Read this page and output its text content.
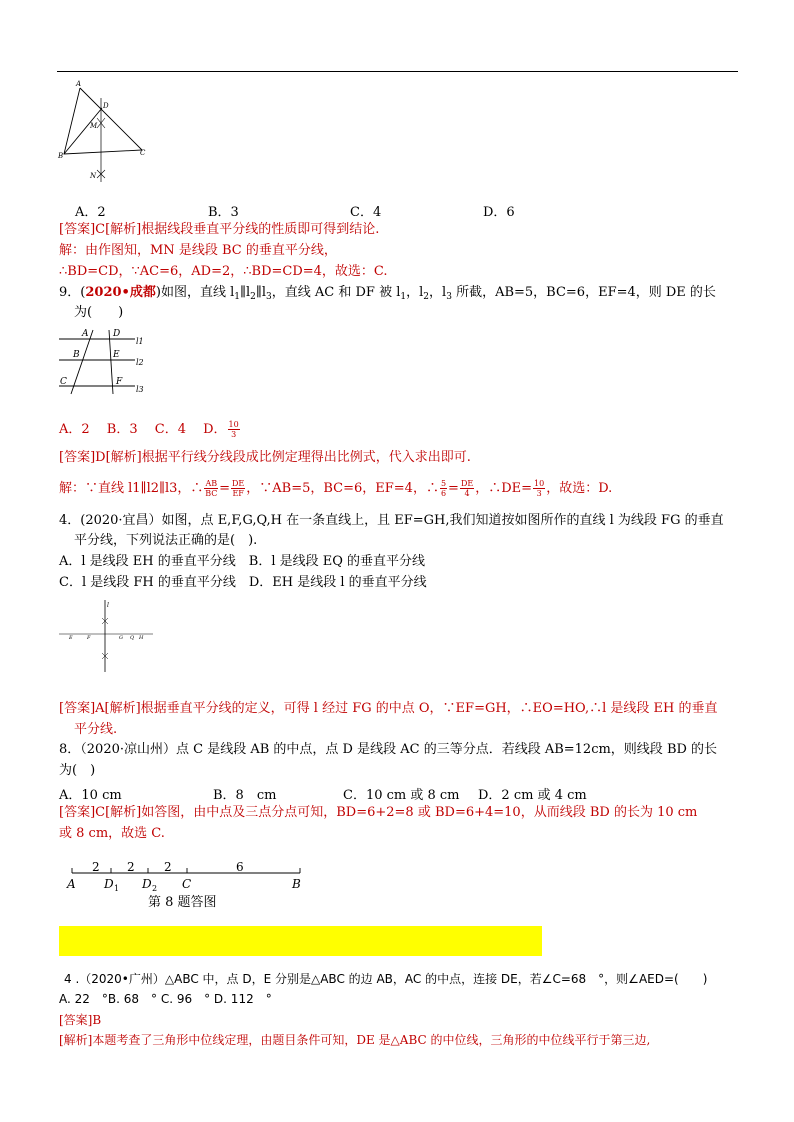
A
D
M
B	C
N
A．2	B．3	C．4	D．6
[答案]C[解析]根据线段垂直平分线的性质即可得到结论.
解：由作图知，MN 是线段 BC 的垂直平分线，
∴BD=CD，∵AC=6，AD=2，∴BD=CD=4，故选：C.
9．(2020•成都)如图，直线 $l_1\parallel l_2\parallel l_3$，直线 AC 和 DF 被 $l_1$，$l_2$，$l_3$ 所截，AB=5，BC=6，EF=4，则 DE 的长
为(　　)
A	D
l1
B	E
l2
C	F
l3
A．2　 B．3　 C．4　 D． $\frac{10}{3}$
[答案]D[解析]根据平行线分线段成比例定理得出比例式，代入求出即可.
解：∵直线 l1∥l2∥l3，∴ $\frac{AB}{BC} = \frac{DE}{EF}$ ，∵AB=5，BC=6，EF=4，∴ $\frac{5}{6} = \frac{DE}{4}$ ，∴DE= $\frac{10}{3}$ ，故选：D.
4．(2020·宜昌）如图，点 E,F,G,Q,H 在一条直线上，且 EF=GH,我们知道按如图所作的直线 l 为线段 FG 的垂直
平分线，下列说法正确的是(　).
A．l 是线段 EH 的垂直平分线　B．l 是线段 EQ 的垂直平分线
C．l 是线段 FH 的垂直平分线　D．EH 是线段 l 的垂直平分线
l
E	F	G Q H
[答案]A[解析]根据垂直平分线的定义，可得 l 经过 FG 的中点 O，∵EF=GH，∴EO=HO,∴l 是线段 EH 的垂直
平分线.
8．（2020·凉山州）点 C 是线段 AB 的中点，点 D 是线段 AC 的三等分点．若线段 AB=12cm，则线段 BD 的长
为(　)
A．10 cm	B．8　cm	C．10 cm 或 8 cm D．2 cm 或 4 cm
[答案]C[解析]如答图，由中点及三点分点可知，BD=6+2=8 或 BD=6+4=10，从而线段 BD 的长为 10 cm
或 8 cm，故选 C.
2 2 2	6
A D 1 D 2 C	B
第 8 题答图
4 .（2020•广州）△ABC 中，点 D，E 分别是△ABC 的边 AB，AC 的中点，连接 DE，若∠C=68　°，则∠AED=(　　)
A. 22　°B. 68　° C. 96　° D. 112　°
[答案]B
[解析]本题考查了三角形中位线定理，由题目条件可知，DE 是△ABC 的中位线，三角形的中位线平行于第三边,
